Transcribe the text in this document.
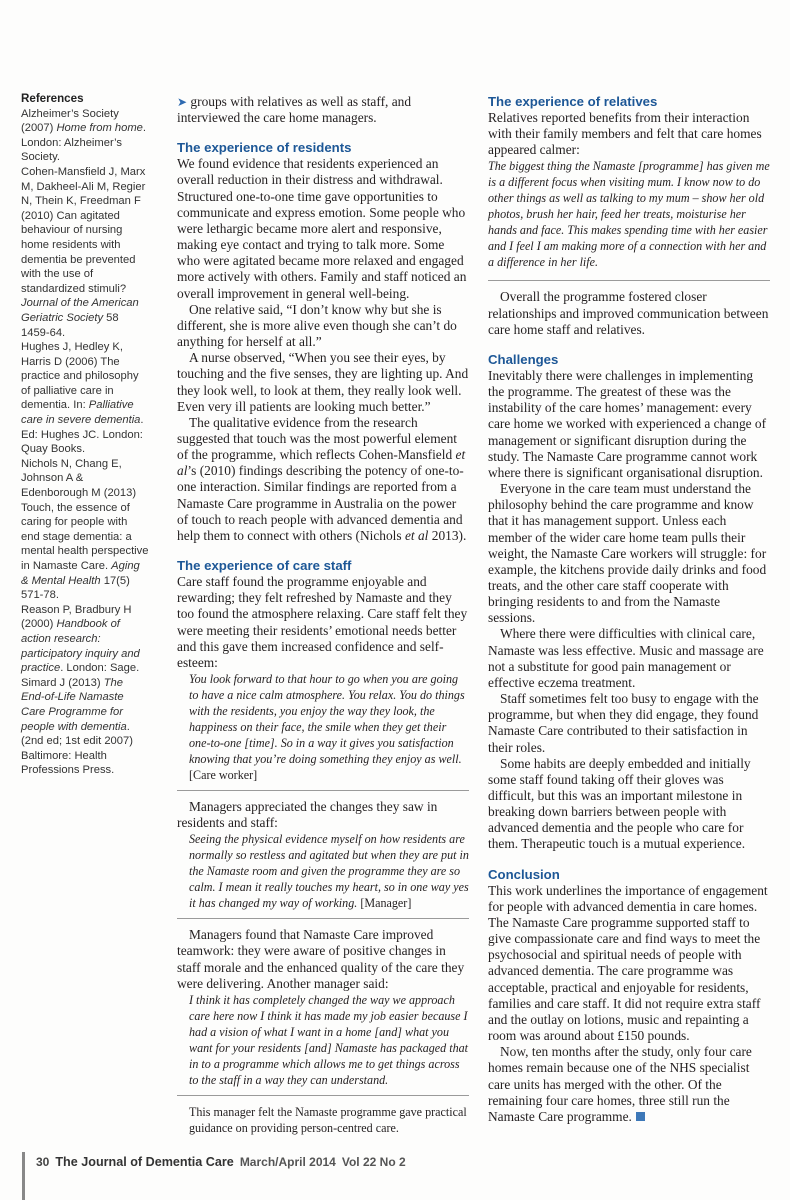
References

Alzheimer’s Society (2007) Home from home. London: Alzheimer’s Society.

Cohen-Mansfield J, Marx M, Dakheel-Ali M, Regier N, Thein K, Freedman F (2010) Can agitated behaviour of nursing home residents with dementia be prevented with the use of standardized stimuli? Journal of the American Geriatric Society 58 1459-64.

Hughes J, Hedley K, Harris D (2006) The practice and philosophy of palliative care in dementia. In: Palliative care in severe dementia. Ed: Hughes JC. London: Quay Books.

Nichols N, Chang E, Johnson A & Edenborough M (2013) Touch, the essence of caring for people with end stage dementia: a mental health perspective in Namaste Care. Aging & Mental Health 17(5) 571-78.

Reason P, Bradbury H (2000) Handbook of action research: participatory inquiry and practice. London: Sage.

Simard J (2013) The End-of-Life Namaste Care Programme for people with dementia. (2nd ed; 1st edit 2007) Baltimore: Health Professions Press.

➤ groups with relatives as well as staff, and interviewed the care home managers.

The experience of residents

We found evidence that residents experienced an overall reduction in their distress and withdrawal. Structured one-to-one time gave opportunities to communicate and express emotion. Some people who were lethargic became more alert and responsive, making eye contact and trying to talk more. Some who were agitated became more relaxed and engaged more actively with others. Family and staff noticed an overall improvement in general well-being.

One relative said, “I don’t know why but she is different, she is more alive even though she can’t do anything for herself at all.”

A nurse observed, “When you see their eyes, by touching and the five senses, they are lighting up. And they look well, to look at them, they really look well. Even very ill patients are looking much better.”

The qualitative evidence from the research suggested that touch was the most powerful element of the programme, which reflects Cohen-Mansfield et al’s (2010) findings describing the potency of one-to-one interaction. Similar findings are reported from a Namaste Care programme in Australia on the power of touch to reach people with advanced dementia and help them to connect with others (Nichols et al 2013).

The experience of care staff

Care staff found the programme enjoyable and rewarding; they felt refreshed by Namaste and they too found the atmosphere relaxing. Care staff felt they were meeting their residents’ emotional needs better and this gave them increased confidence and self-esteem:

You look forward to that hour to go when you are going to have a nice calm atmosphere. You relax. You do things with the residents, you enjoy the way they look, the happiness on their face, the smile when they get their one-to-one [time]. So in a way it gives you satisfaction knowing that you’re doing something they enjoy as well. [Care worker]

Managers appreciated the changes they saw in residents and staff:

Seeing the physical evidence myself on how residents are normally so restless and agitated but when they are put in the Namaste room and given the programme they are so calm. I mean it really touches my heart, so in one way yes it has changed my way of working. [Manager]

Managers found that Namaste Care improved teamwork: they were aware of positive changes in staff morale and the enhanced quality of the care they were delivering. Another manager said:

I think it has completely changed the way we approach care here now I think it has made my job easier because I had a vision of what I want in a home [and] what you want for your residents [and] Namaste has packaged that in to a programme which allows me to get things across to the staff in a way they can understand.

This manager felt the Namaste programme gave practical guidance on providing person-centred care.

The experience of relatives

Relatives reported benefits from their interaction with their family members and felt that care homes appeared calmer:

The biggest thing the Namaste [programme] has given me is a different focus when visiting mum. I know now to do other things as well as talking to my mum – show her old photos, brush her hair, feed her treats, moisturise her hands and face. This makes spending time with her easier and I feel I am making more of a connection with her and a difference in her life.

Overall the programme fostered closer relationships and improved communication between care home staff and relatives.

Challenges

Inevitably there were challenges in implementing the programme. The greatest of these was the instability of the care homes’ management: every care home we worked with experienced a change of management or significant disruption during the study. The Namaste Care programme cannot work where there is significant organisational disruption.

Everyone in the care team must understand the philosophy behind the care programme and know that it has management support. Unless each member of the wider care home team pulls their weight, the Namaste Care workers will struggle: for example, the kitchens provide daily drinks and food treats, and the other care staff cooperate with bringing residents to and from the Namaste sessions.

Where there were difficulties with clinical care, Namaste was less effective. Music and massage are not a substitute for good pain management or effective eczema treatment.

Staff sometimes felt too busy to engage with the programme, but when they did engage, they found Namaste Care contributed to their satisfaction in their roles.

Some habits are deeply embedded and initially some staff found taking off their gloves was difficult, but this was an important milestone in breaking down barriers between people with advanced dementia and the people who care for them. Therapeutic touch is a mutual experience.

Conclusion

This work underlines the importance of engagement for people with advanced dementia in care homes. The Namaste Care programme supported staff to give compassionate care and find ways to meet the psychosocial and spiritual needs of people with advanced dementia. The care programme was acceptable, practical and enjoyable for residents, families and care staff. It did not require extra staff and the outlay on lotions, music and repainting a room was around about £150 pounds.

Now, ten months after the study, only four care homes remain because one of the NHS specialist care units has merged with the other. Of the remaining four care homes, three still run the Namaste Care programme.

30 The Journal of Dementia Care March/April 2014 Vol 22 No 2
